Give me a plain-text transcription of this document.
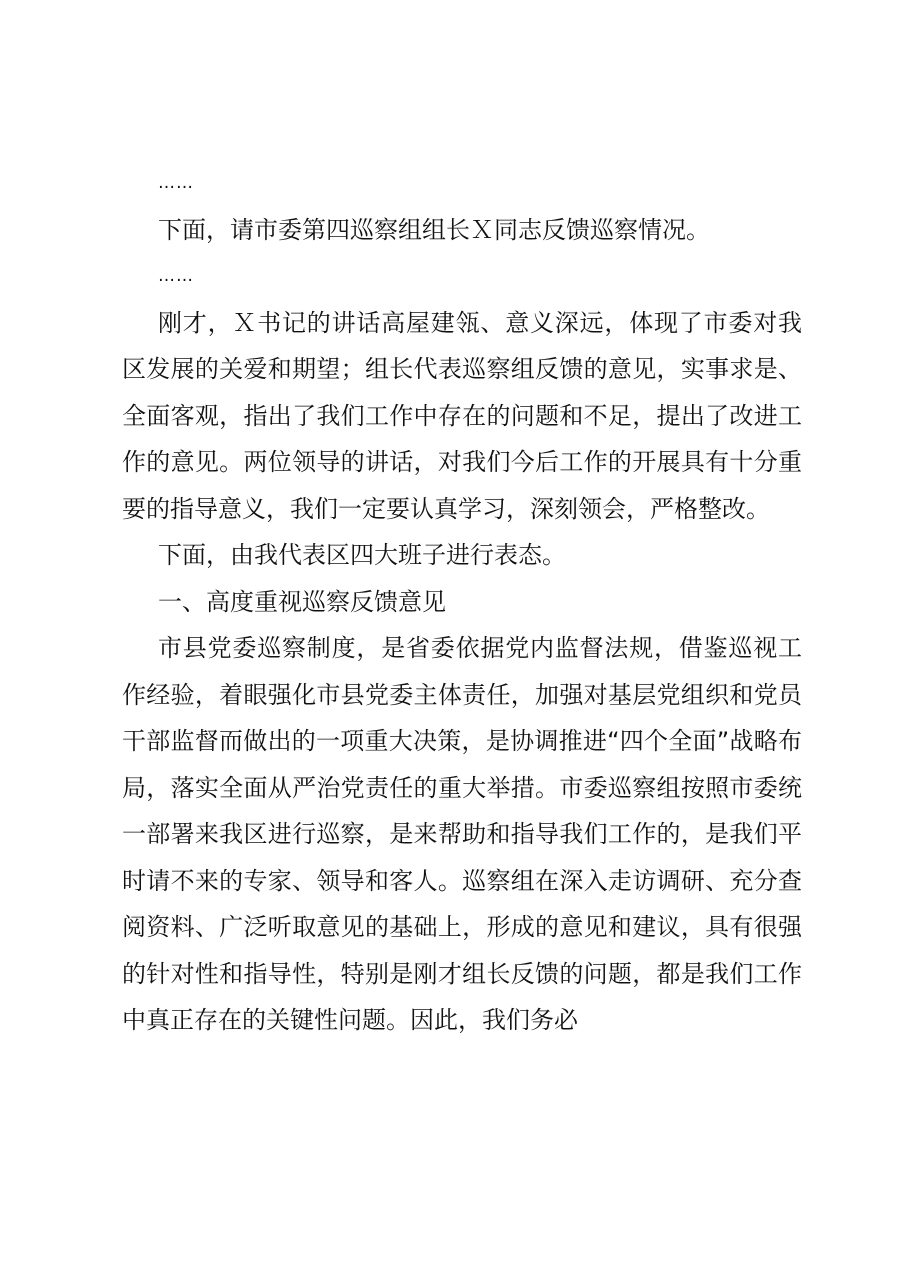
……

下面，请市委第四巡察组组长Ｘ同志反馈巡察情况。

……

刚才，Ｘ书记的讲话高屋建瓴、意义深远，体现了市委对我区发展的关爱和期望；组长代表巡察组反馈的意见，实事求是、全面客观，指出了我们工作中存在的问题和不足，提出了改进工作的意见。两位领导的讲话，对我们今后工作的开展具有十分重要的指导意义，我们一定要认真学习，深刻领会，严格整改。

下面，由我代表区四大班子进行表态。

一、高度重视巡察反馈意见

市县党委巡察制度，是省委依据党内监督法规，借鉴巡视工作经验，着眼强化市县党委主体责任，加强对基层党组织和党员干部监督而做出的一项重大决策，是协调推进“四个全面”战略布局，落实全面从严治党责任的重大举措。市委巡察组按照市委统一部署来我区进行巡察，是来帮助和指导我们工作的，是我们平时请不来的专家、领导和客人。巡察组在深入走访调研、充分查阅资料、广泛听取意见的基础上，形成的意见和建议，具有很强的针对性和指导性，特别是刚才组长反馈的问题，都是我们工作中真正存在的关键性问题。因此，我们务必
